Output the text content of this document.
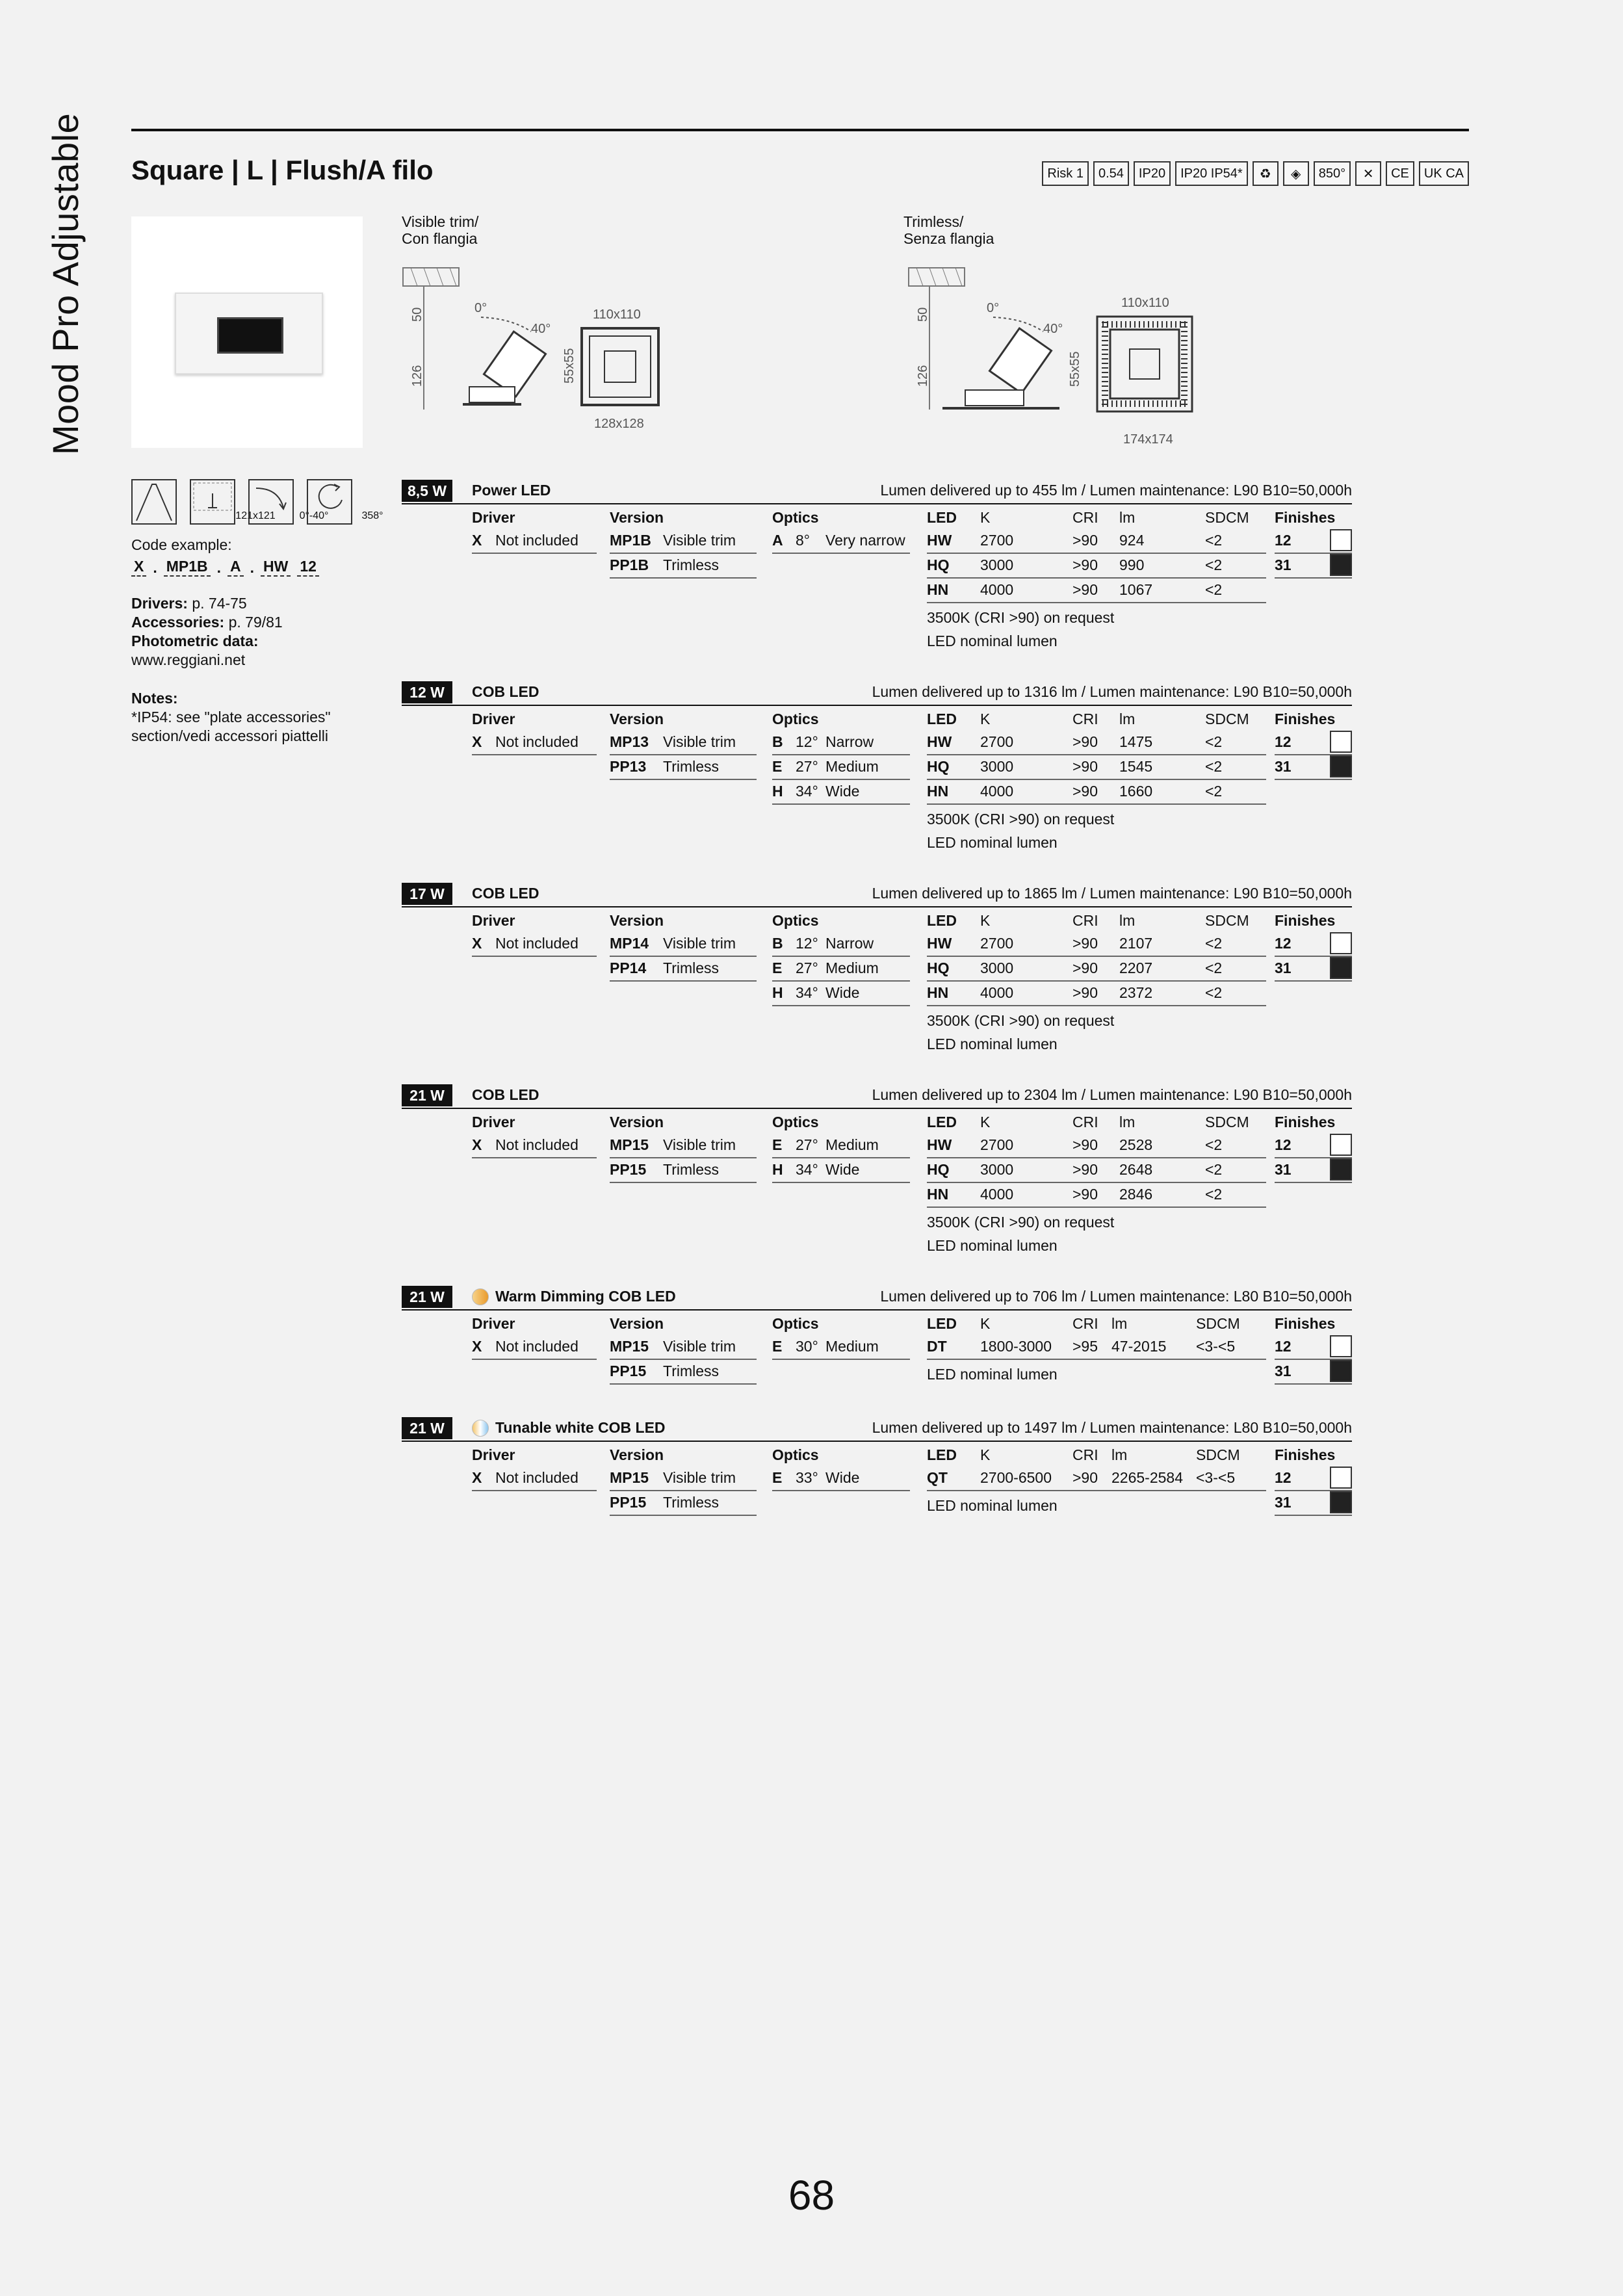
Mood Pro Adjustable Square | L | Flush/A filo	Risk 1	0.54	IP20	IP20 IP54*	♻	◈	850°	✕	CE	UK CA
Visible trim/
Con flangia
50
126
0°
40°
110x110
55x55
128x128
Trimless/
Senza flangia
50
126
0°
40°
110x110
55x55
174x174
121x121	0°-40°	358°
Code example:
X . MP1B . A . HW 12
Drivers: p. 74-75
Accessories: p. 79/81
Photometric data:
www.reggiani.net
Notes:
*IP54: see "plate accessories"
section/vedi accessori piattelli
8,5 W	Power LED	Lumen delivered up to 455 lm / Lumen maintenance: L90 B10=50,000h
Driver
X Not included
Version
MP1B Visible trim
PP1B Trimless
Optics
A 8°	Very narrow
LED	K	CRI	lm	SDCM
HW	2700	>90	924	<2
HQ	3000	>90	990	<2
HN	4000	>90	1067	<2
3500K (CRI >90) on request
LED nominal lumen
Finishes
12
31
12 W	COB LED	Lumen delivered up to 1316 lm / Lumen maintenance: L90 B10=50,000h
Driver
X Not included
Version
MP13 Visible trim
PP13	Trimless
Optics
B 12° Narrow
E 27° Medium
H 34° Wide
LED	K	CRI	lm	SDCM
HW	2700	>90	1475	<2
HQ	3000	>90	1545	<2
HN	4000	>90	1660	<2
3500K (CRI >90) on request
LED nominal lumen
Finishes
12
31
17 W	COB LED	Lumen delivered up to 1865 lm / Lumen maintenance: L90 B10=50,000h
Driver
X Not included
Version
MP14 Visible trim
PP14	Trimless
Optics
B 12° Narrow
E 27° Medium
H 34° Wide
LED	K	CRI	lm	SDCM
HW	2700	>90	2107	<2
HQ	3000	>90	2207	<2
HN	4000	>90	2372	<2
3500K (CRI >90) on request
LED nominal lumen
Finishes
12
31
21 W	COB LED	Lumen delivered up to 2304 lm / Lumen maintenance: L90 B10=50,000h
Driver
X Not included
Version
MP15 Visible trim
PP15	Trimless
Optics
E 27° Medium
H 34° Wide
LED	K	CRI	lm	SDCM
HW	2700	>90	2528	<2
HQ	3000	>90	2648	<2
HN	4000	>90	2846	<2
3500K (CRI >90) on request
LED nominal lumen
Finishes
12
31
21 W	Warm Dimming COB LED	Lumen delivered up to 706 lm / Lumen maintenance: L80 B10=50,000h
Driver
X Not included
Version
MP15 Visible trim
PP15	Trimless
Optics
E 30° Medium
LED	K	CRI lm	SDCM
DT	1800-3000	>95 47-2015	<3-<5
LED nominal lumen
Finishes
12
31
21 W	Tunable white COB LED	Lumen delivered up to 1497 lm / Lumen maintenance: L80 B10=50,000h
Driver
X Not included
Version
MP15 Visible trim
PP15	Trimless
Optics
E 33° Wide
LED	K	CRI lm	SDCM
QT	2700-6500	>90 2265-2584 <3-<5
LED nominal lumen
Finishes
12
31
68
